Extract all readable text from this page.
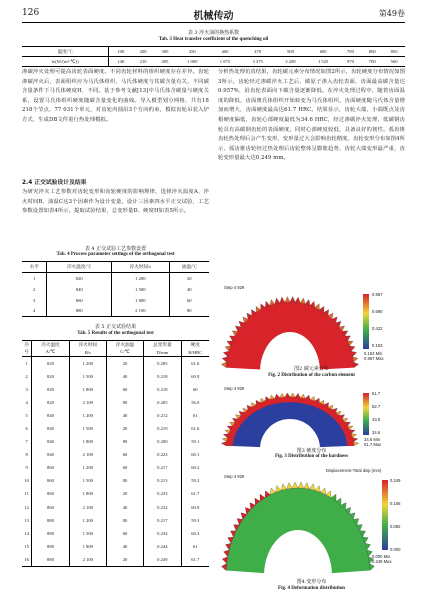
126	机械传动	第49卷
表 3 淬火油的换热系数
Tab. 3 Heat transfer coefficient of the quenching oil
温度/℃	100	200	300	350	400	470	500	600	700	800	850
h/(W/(m²·℃))	140	210	495	1 000	1 875	3 375	3 200	1 525	970	700	560
渗碳淬火处理可提高齿轮表面硬度。不同齿轮材料的组织硬度存在差异。齿轮渗碳淬火后，表面组织应为马氏体组织，马氏体硬度与其碳含量有关，不同碳含量条件下马氏体硬度H，不同。基于参考文献[13]中马氏体含碳量与硬度关系，设置马氏体组织硬度随碳含量变化的曲线。导入模型划分网格，共有18 218个节点、77 031个单元，对齿轮内圆沿3个方向约束，模拟齿轮吊装入炉方式，生成DB文件进行热处理模拟。
2.4 正交试验设计及结果
为研究淬火工艺参数对齿轮变形和齿轮硬度的影响规律，选择淬火温度A、淬火时间B、油温C这3个因素作为设计变量，设计三因素四水平正交试验，工艺参数设置如表4所示。提取试验结果，总变形量D、硬度H如表5所示。
表 4 正交试验工艺参数设置
Tab. 4 Process parameter settings of the orthogonal test
水平	淬火温度/℃	淬火时间/s	油温/℃
1	820	1 200	20
2	840	1 500	40
3	860	1 800	60
4	880	2 100	80
表 5 正交试验结果
Tab. 5 Results of the orthogonal test
序	淬火温度	淬火时间	淬火油温	总变形量	硬度
号	A/℃	B/s	C/℃	D/mm	H/HRC
1	820	1 200	20	0.205	61.6
2	820	1 500	40	0.218	60.9
3	820	1 800	60	0.218	60
4	820	2 100	80	0.205	56.9
5	840	1 200	40	0.212	61
6	840	1 500	20	0.219	61.6
7	840	1 800	80	0.200	59.1
8	840	2 100	60	0.223	60.1
9	860	1 200	60	0.217	60.2
10	860	1 500	80	0.213	59.2
11	860	1 800	20	0.233	61.7
12	860	2 100	40	0.232	60.9
13	880	1 200	80	0.217	59.3
14	880	1 500	60	0.234	60.3
15	880	1 800	40	0.244	61
16	880	2 100	20	0.249	61.7
分析热处理仿真结果，齿轮碳元素分布情况如图2所示，齿轮硬度分布情况如图3所示，齿轮经过渗碳淬火工艺后，碳原子渗入齿轮表面，齿面最高碳含量达0.957%，沿齿轮表面向下碳含量逐渐降低。在淬火处理过程中，随着齿面温度的降低，齿面奥氏体组织开始转变为马氏体组织，齿面硬度随马氏体含量增加而增大，齿面硬度最高达61.7 HRC。结果显示，齿轮大端、小端既点及齿根硬度偏低，齿轮心部硬度最低为34.6 HRC，经过渗碳淬火处理，低碳钢齿轮具有高碳钢齿轮的表面硬度，同时心部硬度较低，具备良好的韧性。弧齿锥齿轮热处理后会产生变形，变形量过大会影响齿轮精度。齿轮变形分布如图4所示，弧齿锥齿轮经过热处理后齿轮整体呈膨胀趋势，齿轮大端变形最严重，齿轮变形量最大达0.249 mm。
Step 4 929
0.957
0.690
0.422
0.153
0.153 Min
0.957 Max
图2 碳元素分布
Fig. 2 Distribution of the carbon element
Step 4 929
61.7
52.7
43.6
34.6
34.6 Min
61.7 Max
图3 硬度分布
Fig. 3 Distribution of the hardness
Displacement-Total disp (mm)
Step 4 929
0.249
0.166
0.082
0.000
0.000 Min
0.249 Max
图4 变形分布
Fig. 4 Deformation distribution
